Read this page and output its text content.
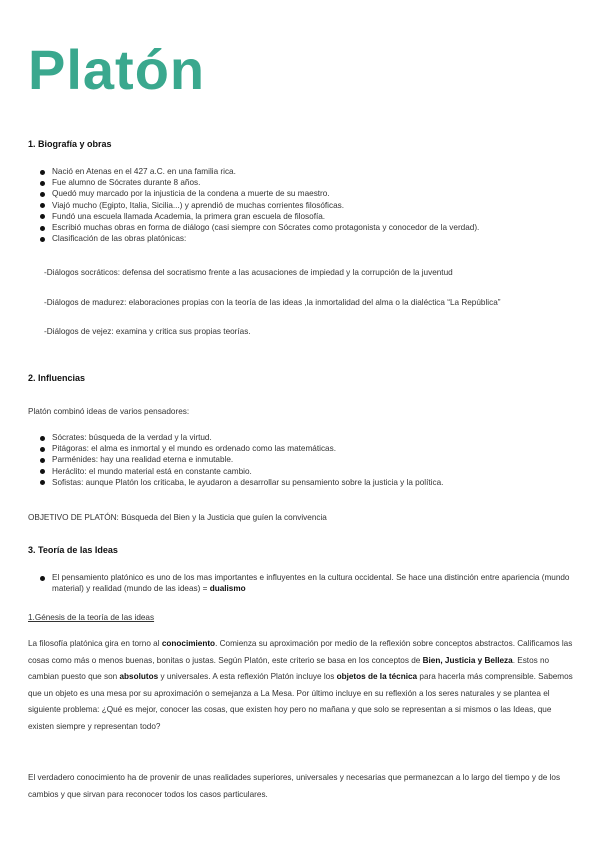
Platón
1. Biografía y obras
Nació en Atenas en el 427 a.C. en una familia rica.
Fue alumno de Sócrates durante 8 años.
Quedó muy marcado por la injusticia de la condena a muerte de su maestro.
Viajó mucho (Egipto, Italia, Sicilia...) y aprendió de muchas corrientes filosóficas.
Fundó una escuela llamada Academia, la primera gran escuela de filosofía.
Escribió muchas obras en forma de diálogo (casi siempre con Sócrates como protagonista y conocedor de la verdad).
Clasificación de las obras platónicas:

-Diálogos socráticos: defensa del socratismo frente a las acusaciones de impiedad y la corrupción de la juventud

-Diálogos de madurez: elaboraciones propias con la teoría de las ideas ,la inmortalidad del alma o la dialéctica “La República”

-Diálogos de vejez: examina y critica sus propias teorías.

2. Influencias

Platón combinó ideas de varios pensadores:

Sócrates: búsqueda de la verdad y la virtud.
Pitágoras: el alma es inmortal y el mundo es ordenado como las matemáticas.
Parménides: hay una realidad eterna e inmutable.
Heráclito: el mundo material está en constante cambio.
Sofistas: aunque Platón los criticaba, le ayudaron a desarrollar su pensamiento sobre la justicia y la política.

OBJETIVO DE PLATÓN: Búsqueda del Bien y la Justicia que guíen la convivencia

3. Teoría de las Ideas
El pensamiento platónico es uno de los mas importantes e influyentes en la cultura occidental. Se hace una distinción entre apariencia (mundo material) y realidad (mundo de las ideas) = dualismo

1.Génesis de la teoría de las ideas

La filosofía platónica gira en torno al conocimiento. Comienza su aproximación por medio de la reflexión sobre conceptos abstractos. Calificamos las cosas como más o menos buenas, bonitas o justas. Según Platón, este criterio se basa en los conceptos de Bien, Justicia y Belleza. Estos no cambian puesto que son absolutos y universales. A esta reflexión Platón incluye los objetos de la técnica para hacerla más comprensible. Sabemos que un objeto es una mesa por su aproximación o semejanza a La Mesa. Por último incluye en su reflexión a los seres naturales y se plantea el siguiente problema: ¿Qué es mejor, conocer las cosas, que existen hoy pero no mañana y que solo se representan a si mismos o las Ideas, que existen siempre y representan todo?

El verdadero conocimiento ha de provenir de unas realidades superiores, universales y necesarias que permanezcan a lo largo del tiempo y de los cambios y que sirvan para reconocer todos los casos particulares.
